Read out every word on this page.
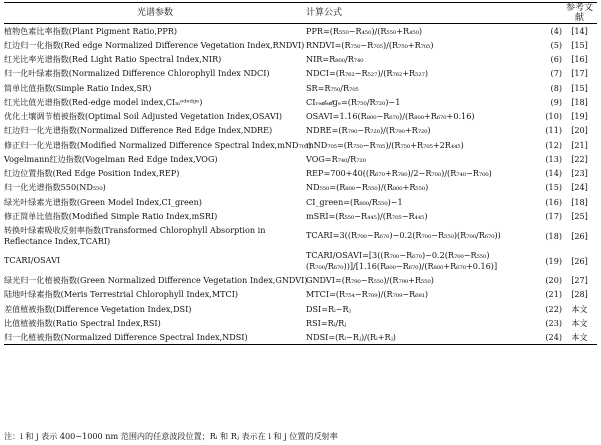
光谱参数	计算公式		参考文献
植物色素比率指数(Plant Pigment Ratio,PPR)	PPR=(R₅₅₀−R₄₅₀)/(R₅₅₀+R₄₅₀)	(4)	[14]
红边归一化指数(Red edge Normalized Difference Vegetation Index,RNDVI)	RNDVI=(R₇₅₀−R₇₀₅)/(R₇₅₀+R₇₀₅)	(5)	[15]
红光比率光谱指数(Red Light Ratio Spectral Index,NIR)	NIR=R₈₀₀/R₇₄₀	(6)	[16]
归一化叶绿素指数(Normalized Difference Chlorophyll Index NDCI)	NDCI=(R₇₆₂−R₅₂₇)/(R₇₆₂+R₅₂₇)	(7)	[17]
简单比值指数(Simple Ratio Index,SR)	SR=R₇₅₀/R₇₀₅	(8)	[15]
红光比值光谱指数(Red-edge model index,CIₘᵉᵈᵉᵈᵍᵉ)	CIᵣₑ𝒹ₑ𝒹gₑ=(R₇₅₀/R₇₂₀)−1	(9)	[18]
优化土壤调节植被指数(Optimal Soil Adjusted Vegetation Index,OSAVI)	OSAVI=1.16(R₈₀₀−R₆₇₀)/(R₈₀₀+R₆₇₀+0.16)	(10)	[19]
红边归一化光谱指数(Normalized Difference Red Edge Index,NDRE)	NDRE=(R₇₉₀−R₇₂₀)/(R₇₉₀+R₇₂₀)	(11)	[20]
修正归一化光谱指数(Modified Normalized Difference Spectral Index,mND₇₀₅)	mND₇₀₅=(R₇₅₀−R₇₀₅)/(R₇₅₀+R₇₀₅+2R₄₄₅)	(12)	[21]
Vogelmann红边指数(Vogelman Red Edge Index,VOG)	VOG=R₇₄₀/R₇₂₀	(13)	[22]
红边位置指数(Red Edge Position Index,REP)	REP=700+40((R₆₇₀+R₇₈₀)/2−R₇₀₀)/(R₇₄₀−R₇₀₀)	(14)	[23]
归一化光谱指数550(ND₅₅₀)	ND₅₅₀=(R₈₀₀−R₅₅₀)/(R₈₀₀+R₅₅₀)	(15)	[24]
绿光叶绿素光谱指数(Green Model Index,CI_green)	CI_green=(R₈₀₀/R₅₅₀)−1	(16)	[18]
修正简单比值指数(Modified Simple Ratio Index,mSRI)	mSRI=(R₅₅₀−R₄₄₅)/(R₇₀₅−R₄₄₅)	(17)	[25]

转换叶绿素吸收反射率指数(Transformed Chlorophyll Absorption in Reflectance Index,TCARI)	TCARI=3((R₇₀₀−R₆₇₀)−0.2(R₇₀₀−R₅₅₀)(R₇₀₀/R₆₇₀))	(18)	[26]

TCARI/OSAVI	TCARI/OSAVI=[3((R₇₀₀−R₆₇₀)−0.2(R₇₀₀−R₅₅₀)(R₇₀₀/R₆₇₀))]/[1.16(R₈₀₀−R₆₇₀)/(R₈₀₀+R₆₇₀+0.16)]	(19)	[26]
绿光归一化植被指数(Green Normalized Difference Vegetation Index,GNDVI)	GNDVI=(R₇₉₀−R₅₅₀)/(R₇₉₀+R₅₅₀)	(20)	[27]
陆地叶绿素指数(Meris Terrestrial Chlorophyll Index,MTCI)	MTCI=(R₇₅₄−R₇₀₉)/(R₇₀₉−R₆₈₁)	(21)	[28]
差值植被指数(Difference Vegetation Index,DSI)	DSI=Rᵢ−Rⱼ	(22)	本文
比值植被指数(Ratio Spectral Index,RSI)	RSI=Rᵢ/Rⱼ	(23)	本文
归一化植被指数(Normalized Difference Spectral Index,NDSI)	NDSI=(Rᵢ−Rⱼ)/(Rᵢ+Rⱼ)	(24)	本文
注：i 和 j 表示 400~1000 nm 范围内的任意波段位置；Rᵢ 和 Rⱼ 表示在 i 和 j 位置的反射率
